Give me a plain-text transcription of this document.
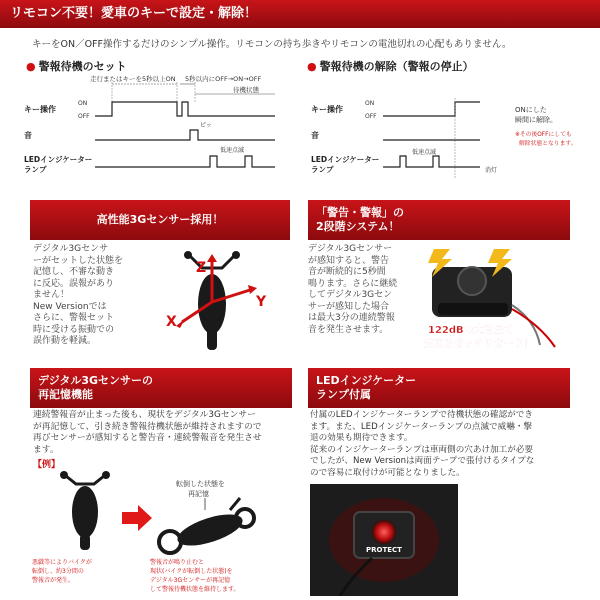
リモコン不要！愛車のキーで設定・解除！
キーをON／OFF操作するだけのシンプル操作。リモコンの持ち歩きやリモコンの電池切れの心配もありません。
● 警報待機のセット
走行またはキーを5秒以上ON 5秒以内にOFF→ON→OFF
待機状態
キー操作
ON
OFF
音
ピッ
LEDインジケーター
ランプ
低速点滅
● 警報待機の解除（警報の停止）
キー操作
ON
OFF
ONにした
瞬間に解除。
※その後OFFにしても
解除状態となります。
音
LEDインジケーター
ランプ
低速点滅
消灯
高性能3Gセンサー採用！
デジタル3Gセンサ
ーがセットした状態を
記憶し、不審な動き
に反応。誤報があり
ません！
New Versionでは
さらに、警報セット
時に受ける振動での
誤作動を軽減。
Z
Y
X
「警告・警報」の
2段階システム！
デジタル3Gセンサー
が感知すると、警告
音が断続的に5秒間
鳴ります。さらに継続
してデジタル3Gセン
サーが感知した場合
は最大3分の連続警報
音を発生させます。	122dBの大音量で
愛車をガッチリガード！
デジタル3Gセンサーの
再記憶機能
連続警報音が止まった後も、現状をデジタル3Gセンサー
が再記憶して、引き続き警報待機状態が維持されますので
再びセンサーが感知すると警告音・連続警報音を発生させ
ます。
【例】
転倒した状態を
再記憶
悪戯等によりバイクが
転倒し、約3分間の
警報音が発生。
警報音が鳴り止むと
現状(バイクが転倒した状態)を
デジタル3Gセンサーが再記憶
して警報待機状態を維持します。
LEDインジケーター
ランプ付属
付属のLEDインジケーターランプで待機状態の確認ができ
ます。また、LEDインジケーターランプの点滅で威嚇・撃
退の効果も期待できます。
従来のインジケーターランプは車両側の穴あけ加工が必要
でしたが、New Versionは両面テープで張付けるタイプな
ので容易に取付けが可能となりました。
PROTECT
